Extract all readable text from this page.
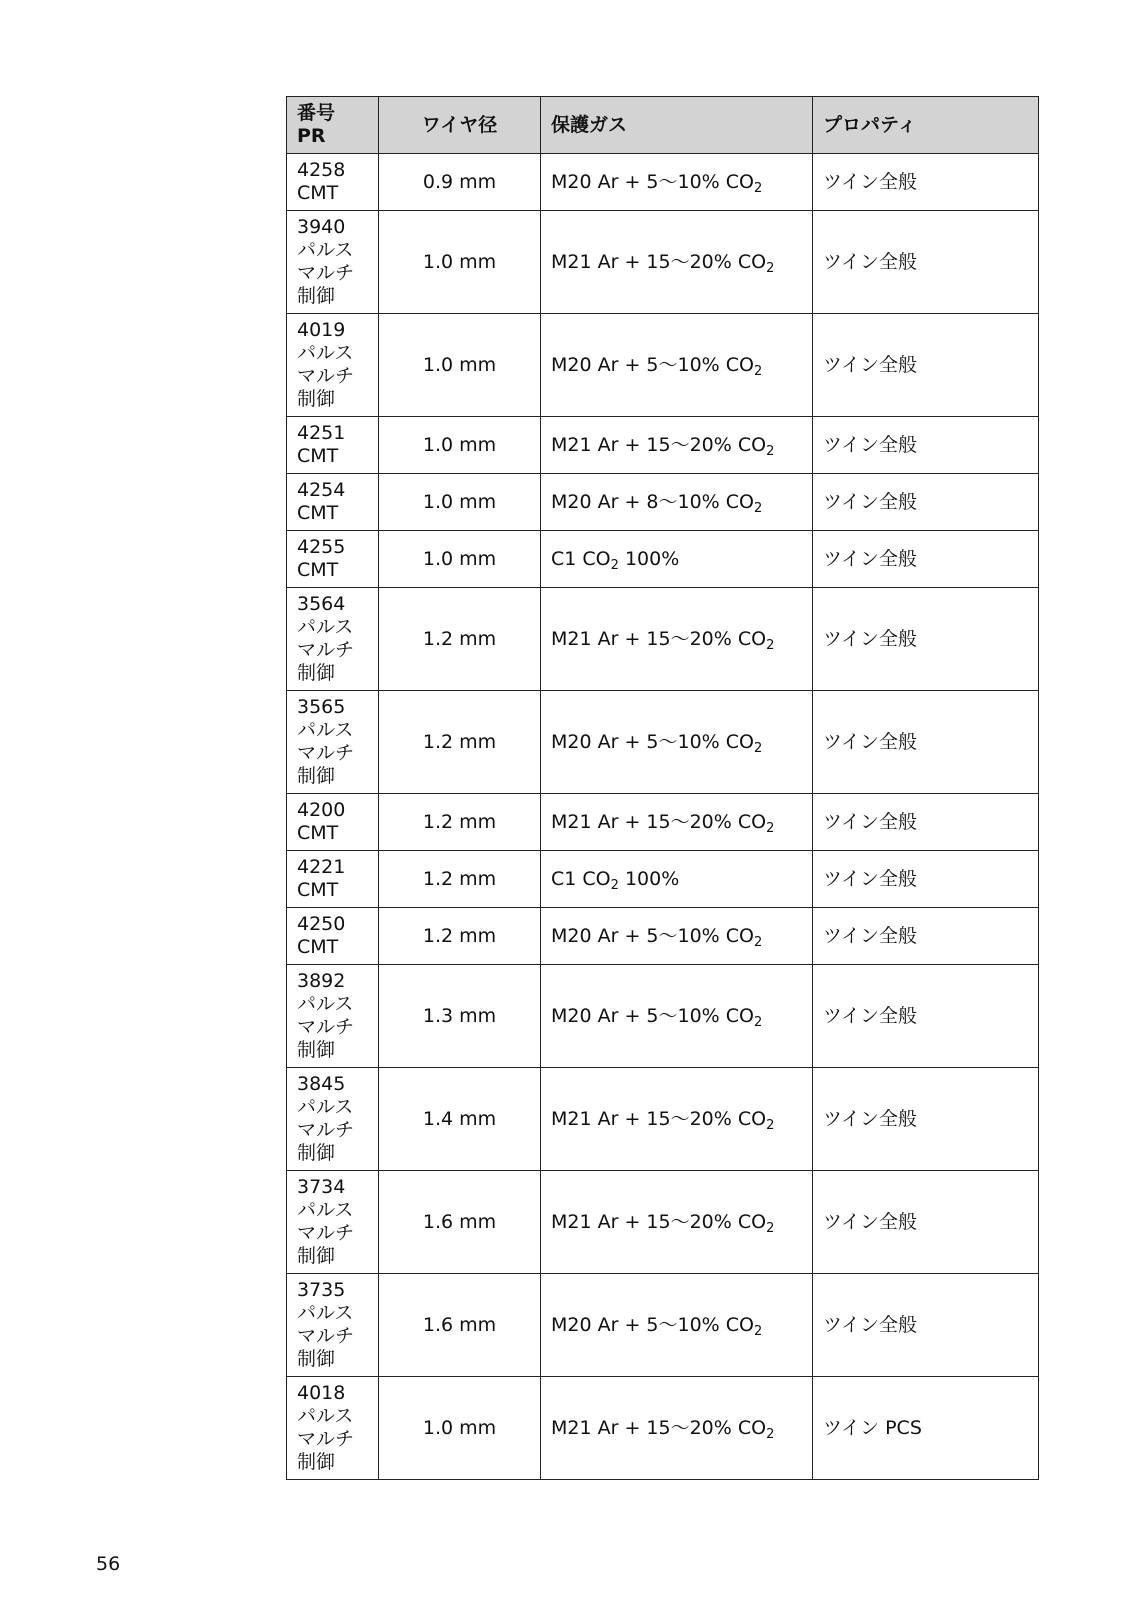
番号
PR	ワイヤ径	保護ガス	プロパティ

4258
CMT	0.9 mm	M20 Ar + 5〜10% $CO_2$	ツイン全般

3940
パルス
マルチ
制御	1.0 mm	M21 Ar + 15〜20% $CO_2$	ツイン全般

4019
パルス
マルチ
制御	1.0 mm	M20 Ar + 5〜10% $CO_2$	ツイン全般

4251
CMT	1.0 mm	M21 Ar + 15〜20% $CO_2$	ツイン全般

4254
CMT	1.0 mm	M20 Ar + 8〜10% $CO_2$	ツイン全般

4255
CMT	1.0 mm	C1 $CO_2$ 100%	ツイン全般

3564
パルス
マルチ
制御	1.2 mm	M21 Ar + 15〜20% $CO_2$	ツイン全般

3565
パルス
マルチ
制御	1.2 mm	M20 Ar + 5〜10% $CO_2$	ツイン全般

4200
CMT	1.2 mm	M21 Ar + 15〜20% $CO_2$	ツイン全般

4221
CMT	1.2 mm	C1 $CO_2$ 100%	ツイン全般

4250
CMT	1.2 mm	M20 Ar + 5〜10% $CO_2$	ツイン全般

3892
パルス
マルチ
制御	1.3 mm	M20 Ar + 5〜10% $CO_2$	ツイン全般

3845
パルス
マルチ
制御	1.4 mm	M21 Ar + 15〜20% $CO_2$	ツイン全般

3734
パルス
マルチ
制御	1.6 mm	M21 Ar + 15〜20% $CO_2$	ツイン全般

3735
パルス
マルチ
制御	1.6 mm	M20 Ar + 5〜10% $CO_2$	ツイン全般

4018
パルス
マルチ
制御	1.0 mm	M21 Ar + 15〜20% $CO_2$	ツイン PCS
56
